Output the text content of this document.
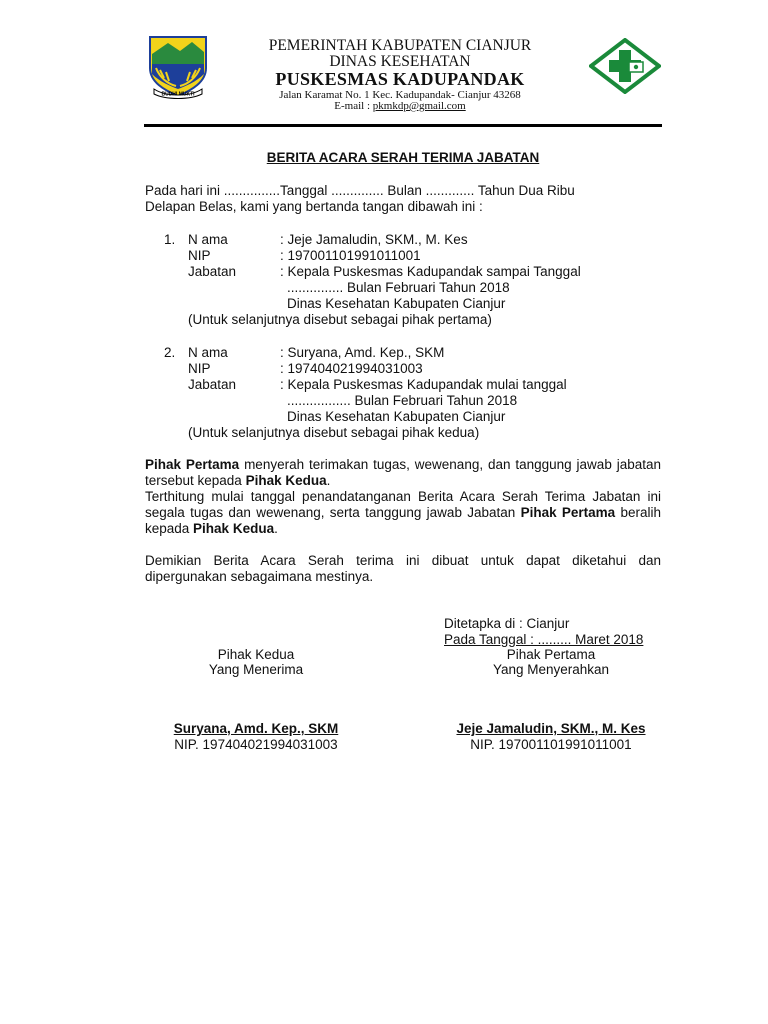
BUDHI MUKTI
PEMERINTAH KABUPATEN CIANJUR
DINAS KESEHATAN
PUSKESMAS KADUPANDAK
Jalan Karamat No. 1 Kec. Kadupandak- Cianjur 43268
E-mail : pkmkdp@gmail.com
BERITA ACARA SERAH TERIMA JABATAN
Pada hari ini ...............Tanggal .............. Bulan ............. Tahun Dua Ribu
Delapan Belas, kami yang bertanda tangan dibawah ini :
1. N ama	: Jeje Jamaludin, SKM., M. Kes
NIP	: 197001101991011001
Jabatan	: Kepala Puskesmas Kadupandak sampai Tanggal
............... Bulan Februari Tahun 2018
Dinas Kesehatan Kabupaten Cianjur
(Untuk selanjutnya disebut sebagai pihak pertama)
2. N ama	: Suryana, Amd. Kep., SKM
NIP	: 197404021994031003
Jabatan	: Kepala Puskesmas Kadupandak mulai tanggal
................. Bulan Februari Tahun 2018
Dinas Kesehatan Kabupaten Cianjur
(Untuk selanjutnya disebut sebagai pihak kedua)
Pihak Pertama menyerah terimakan tugas, wewenang, dan tanggung jawab jabatan tersebut kepada Pihak Kedua.
Terthitung mulai tanggal penandatanganan Berita Acara Serah Terima Jabatan ini segala tugas dan wewenang, serta tanggung jawab Jabatan Pihak Pertama beralih kepada Pihak Kedua.
Demikian Berita Acara Serah terima ini dibuat untuk dapat diketahui dan dipergunakan sebagaimana mestinya.
Ditetapka di : Cianjur
Pada Tanggal : ......... Maret 2018
Pihak Kedua
Yang Menerima
Pihak Pertama
Yang Menyerahkan
Suryana, Amd. Kep., SKM
NIP. 197404021994031003
Jeje Jamaludin, SKM., M. Kes
NIP. 197001101991011001
